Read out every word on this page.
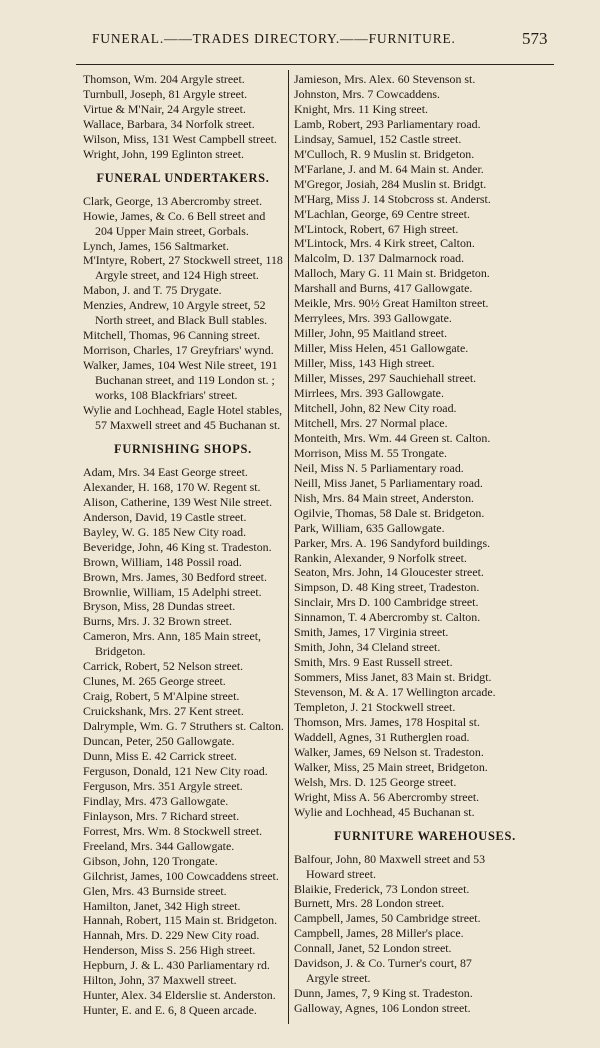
FUNERAL.——TRADES DIRECTORY.——FURNITURE.	573
Thomson, Wm. 204 Argyle street.
Turnbull, Joseph, 81 Argyle street.
Virtue & M'Nair, 24 Argyle street.
Wallace, Barbara, 34 Norfolk street.
Wilson, Miss, 131 West Campbell street.
Wright, John, 199 Eglinton street.
FUNERAL UNDERTAKERS.
Clark, George, 13 Abercromby street.
Howie, James, & Co. 6 Bell street and
204 Upper Main street, Gorbals.
Lynch, James, 156 Saltmarket.
M'Intyre, Robert, 27 Stockwell street, 118
Argyle street, and 124 High street.
Mabon, J. and T. 75 Drygate.
Menzies, Andrew, 10 Argyle street, 52
North street, and Black Bull stables.
Mitchell, Thomas, 96 Canning street.
Morrison, Charles, 17 Greyfriars' wynd.
Walker, James, 104 West Nile street, 191
Buchanan street, and 119 London st. ;
works, 108 Blackfriars' street.
Wylie and Lochhead, Eagle Hotel stables,
57 Maxwell street and 45 Buchanan st.
FURNISHING SHOPS.
Adam, Mrs. 34 East George street.
Alexander, H. 168, 170 W. Regent st.
Alison, Catherine, 139 West Nile street.
Anderson, David, 19 Castle street.
Bayley, W. G. 185 New City road.
Beveridge, John, 46 King st. Tradeston.
Brown, William, 148 Possil road.
Brown, Mrs. James, 30 Bedford street.
Brownlie, William, 15 Adelphi street.
Bryson, Miss, 28 Dundas street.
Burns, Mrs. J. 32 Brown street.
Cameron, Mrs. Ann, 185 Main street,
Bridgeton.
Carrick, Robert, 52 Nelson street.
Clunes, M. 265 George street.
Craig, Robert, 5 M'Alpine street.
Cruickshank, Mrs. 27 Kent street.
Dalrymple, Wm. G. 7 Struthers st. Calton.
Duncan, Peter, 250 Gallowgate.
Dunn, Miss E. 42 Carrick street.
Ferguson, Donald, 121 New City road.
Ferguson, Mrs. 351 Argyle street.
Findlay, Mrs. 473 Gallowgate.
Finlayson, Mrs. 7 Richard street.
Forrest, Mrs. Wm. 8 Stockwell street.
Freeland, Mrs. 344 Gallowgate.
Gibson, John, 120 Trongate.
Gilchrist, James, 100 Cowcaddens street.
Glen, Mrs. 43 Burnside street.
Hamilton, Janet, 342 High street.
Hannah, Robert, 115 Main st. Bridgeton.
Hannah, Mrs. D. 229 New City road.
Henderson, Miss S. 256 High street.
Hepburn, J. & L. 430 Parliamentary rd.
Hilton, John, 37 Maxwell street.
Hunter, Alex. 34 Elderslie st. Anderston.
Hunter, E. and E. 6, 8 Queen arcade.
Jamieson, Mrs. Alex. 60 Stevenson st.
Johnston, Mrs. 7 Cowcaddens.
Knight, Mrs. 11 King street.
Lamb, Robert, 293 Parliamentary road.
Lindsay, Samuel, 152 Castle street.
M'Culloch, R. 9 Muslin st. Bridgeton.
M'Farlane, J. and M. 64 Main st. Ander.
M'Gregor, Josiah, 284 Muslin st. Bridgt.
M'Harg, Miss J. 14 Stobcross st. Anderst.
M'Lachlan, George, 69 Centre street.
M'Lintock, Robert, 67 High street.
M'Lintock, Mrs. 4 Kirk street, Calton.
Malcolm, D. 137 Dalmarnock road.
Malloch, Mary G. 11 Main st. Bridgeton.
Marshall and Burns, 417 Gallowgate.
Meikle, Mrs. 90½ Great Hamilton street.
Merrylees, Mrs. 393 Gallowgate.
Miller, John, 95 Maitland street.
Miller, Miss Helen, 451 Gallowgate.
Miller, Miss, 143 High street.
Miller, Misses, 297 Sauchiehall street.
Mirrlees, Mrs. 393 Gallowgate.
Mitchell, John, 82 New City road.
Mitchell, Mrs. 27 Normal place.
Monteith, Mrs. Wm. 44 Green st. Calton.
Morrison, Miss M. 55 Trongate.
Neil, Miss N. 5 Parliamentary road.
Neill, Miss Janet, 5 Parliamentary road.
Nish, Mrs. 84 Main street, Anderston.
Ogilvie, Thomas, 58 Dale st. Bridgeton.
Park, William, 635 Gallowgate.
Parker, Mrs. A. 196 Sandyford buildings.
Rankin, Alexander, 9 Norfolk street.
Seaton, Mrs. John, 14 Gloucester street.
Simpson, D. 48 King street, Tradeston.
Sinclair, Mrs D. 100 Cambridge street.
Sinnamon, T. 4 Abercromby st. Calton.
Smith, James, 17 Virginia street.
Smith, John, 34 Cleland street.
Smith, Mrs. 9 East Russell street.
Sommers, Miss Janet, 83 Main st. Bridgt.
Stevenson, M. & A. 17 Wellington arcade.
Templeton, J. 21 Stockwell street.
Thomson, Mrs. James, 178 Hospital st.
Waddell, Agnes, 31 Rutherglen road.
Walker, James, 69 Nelson st. Tradeston.
Walker, Miss, 25 Main street, Bridgeton.
Welsh, Mrs. D. 125 George street.
Wright, Miss A. 56 Abercromby street.
Wylie and Lochhead, 45 Buchanan st.
FURNITURE WAREHOUSES.
Balfour, John, 80 Maxwell street and 53
Howard street.
Blaikie, Frederick, 73 London street.
Burnett, Mrs. 28 London street.
Campbell, James, 50 Cambridge street.
Campbell, James, 28 Miller's place.
Connall, Janet, 52 London street.
Davidson, J. & Co. Turner's court, 87
Argyle street.
Dunn, James, 7, 9 King st. Tradeston.
Galloway, Agnes, 106 London street.
